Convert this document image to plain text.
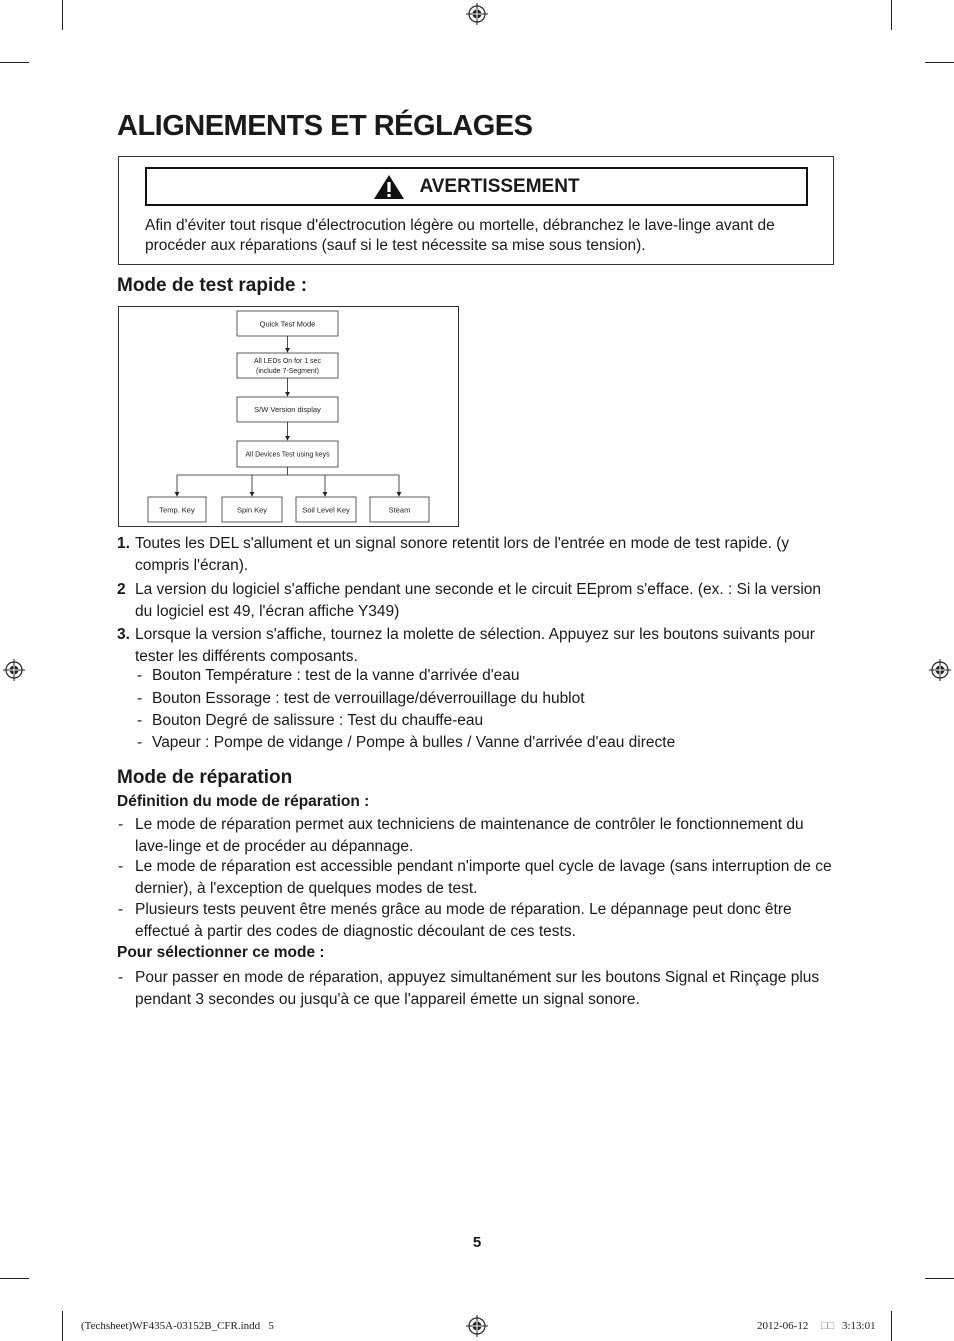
ALIGNEMENTS ET RÉGLAGES
AVERTISSEMENT
Afin d'éviter tout risque d'électrocution légère ou mortelle, débranchez le lave-linge avant de procéder aux réparations (sauf si le test nécessite sa mise sous tension).
Mode de test rapide :
Quick Test Mode
All LEDs On for 1 sec
(include 7-Segment)
S/W Version display
All Devices Test using keys
Temp. Key	Spin Key	Soil Level Key	Steam
1. Toutes les DEL s'allument et un signal sonore retentit lors de l'entrée en mode de test rapide. (y compris l'écran).
2 La version du logiciel s'affiche pendant une seconde et le circuit EEprom s'efface. (ex. : Si la version du logiciel est 49, l'écran affiche Y349)
3. Lorsque la version s'affiche, tournez la molette de sélection. Appuyez sur les boutons suivants pour tester les différents composants.
- Bouton Température : test de la vanne d'arrivée d'eau
- Bouton Essorage : test de verrouillage/déverrouillage du hublot
- Bouton Degré de salissure : Test du chauffe-eau
- Vapeur : Pompe de vidange / Pompe à bulles / Vanne d'arrivée d'eau directe
Mode de réparation
Définition du mode de réparation :
- Le mode de réparation permet aux techniciens de maintenance de contrôler le fonctionnement du lave-linge et de procéder au dépannage.
- Le mode de réparation est accessible pendant n'importe quel cycle de lavage (sans interruption de ce dernier), à l'exception de quelques modes de test.
- Plusieurs tests peuvent être menés grâce au mode de réparation. Le dépannage peut donc être effectué à partir des codes de diagnostic découlant de ces tests.
Pour sélectionner ce mode :
- Pour passer en mode de réparation, appuyez simultanément sur les boutons Signal et Rinçage plus pendant 3 secondes ou jusqu'à ce que l'appareil émette un signal sonore.
5
(Techsheet)WF435A-03152B_CFR.indd   5	2012-06-12 □□ 3:13:01
